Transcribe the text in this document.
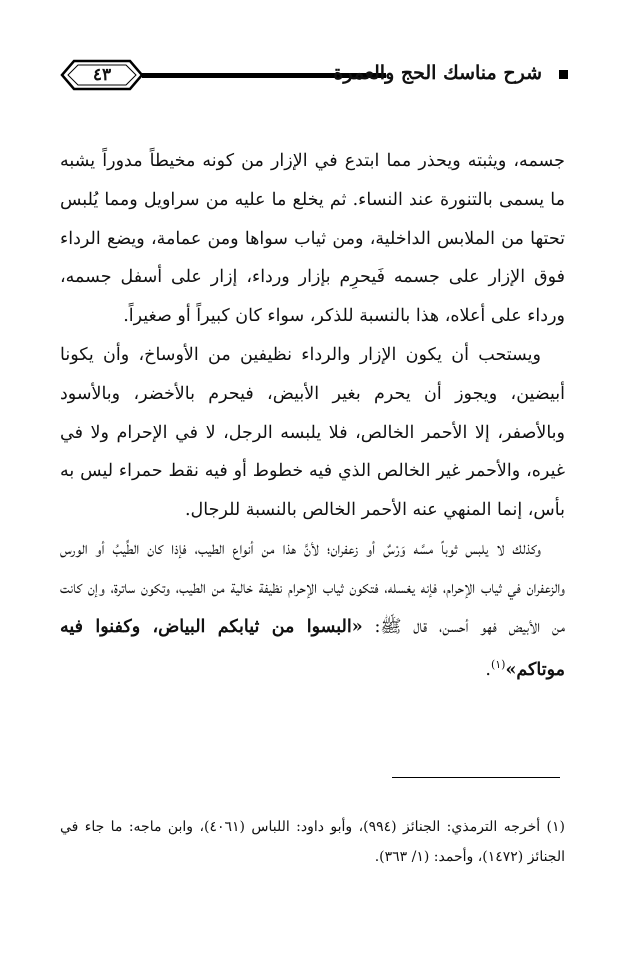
٤٣	شرح مناسك الحج والعمرة

جسمه، ويثبته ويحذر مما ابتدع في الإزار من كونه مخيطاً مدوراً يشبه ما يسمى بالتنورة عند النساء. ثم يخلع ما عليه من سراويل ومما يُلبس تحتها من الملابس الداخلية، ومن ثياب سواها ومن عمامة، ويضع الرداء فوق الإزار على جسمه فَيحرِم بإزار ورداء، إزار على أسفل جسمه، ورداء على أعلاه، هذا بالنسبة للذكر، سواء كان كبيراً أو صغيراً.

ويستحب أن يكون الإزار والرداء نظيفين من الأوساخ، وأن يكونا أبيضين، ويجوز أن يحرم بغير الأبيض، فيحرم بالأخضر، وبالأسود وبالأصفر، إلا الأحمر الخالص، فلا يلبسه الرجل، لا في الإحرام ولا في غيره، والأحمر غير الخالص الذي فيه خطوط أو فيه نقط حمراء ليس به بأس، إنما المنهي عنه الأحمر الخالص بالنسبة للرجال.

وكذلك لا يلبس ثوباً مسَّه وَرْسٌ أو زعفران؛ لأنَّ هذا من أنواع الطيب، فإذا كان الطِّيبُ أو الورس والزعفران في ثياب الإحرام، فإنه يغسله، فتكون ثياب الإحرام نظيفة خالية من الطيب، وتكون ساترة، وإن كانت من الأبيض فهو أحسن، قال ﷺ: «البسوا من ثيابكم البياض، وكفنوا فيه موتاكم»$^{(١)}$.

(١) أخرجه الترمذي: الجنائز (٩٩٤)، وأبو داود: اللباس (٤٠٦١)، وابن ماجه: ما جاء في الجنائز (١٤٧٢)، وأحمد: (١/ ٣٦٣).
